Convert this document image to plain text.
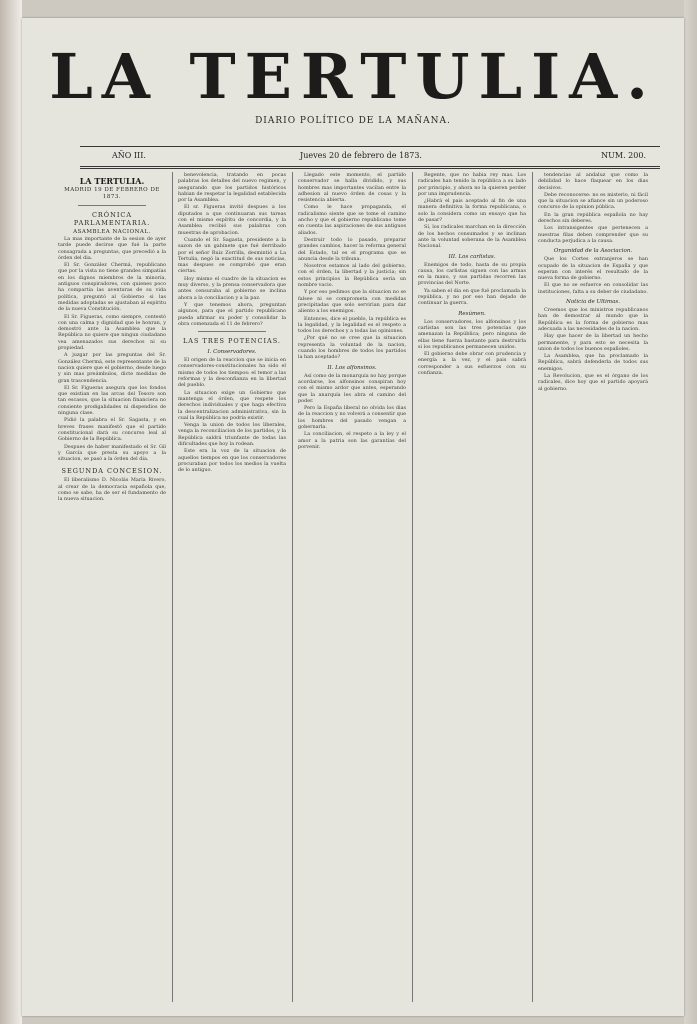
LA TERTULIA.
DIARIO POLÍTICO DE LA MAÑANA.
AÑO III.	Jueves 20 de febrero de 1873.	NUM. 200.
LA TERTULIA.
MADRID 19 DE FEBRERO DE 1873.
CRÓNICA PARLAMENTARIA.
ASAMBLEA NACIONAL.

La mas importante de la sesion de ayer tarde puede decirse que fué la parte consagrada a preguntas, que precedió a la órden del dia.

El Sr. González Chermá, republicano que por la vista no tiene grandes simpatías en los dignos miembros de la minoría, antiguos conspiradores, con quienes poco ha compartia las aventuras de su vida política, preguntó al Gobierno si las medidas adoptadas se ajustaban al espíritu de la nueva Constitución.

El Sr. Figueras, como siempre, contestó con una calma y dignidad que le honran, y demostró ante la Asamblea que la República no quiere que ningun ciudadano vea amenazados sus derechos ni su propiedad.

A juzgar por las preguntas del Sr. González Chermá, este representante de la nacion quiere que el gobierno, desde luego y sin mas preámbulos, dicte medidas de gran trascendencia.

El Sr. Figueras asegura que los fondos que existian en las arcas del Tesoro son tan escasos, que la situacion financiera no consiente prodigalidades ni dispendios de ninguna clase.

Pidió la palabra el Sr. Sagasta, y en breves frases manifestó que el partido constitucional dará su concurso leal al Gobierno de la República.

Despues de haber manifestado el Sr. Gil y García que presta su apoyo a la situacion, se pasó a la órden del dia.

SEGUNDA CONCESION.

El liberalismo D. Nicolás María Rivero, al crear de la democracia española que, como se sabe, ha de ser el fundamento de la nueva situacion.

benevolencia, tratando en pocas palabras los detalles del nuevo regimen, y asegurando que los partidos históricos habian de respetar la legalidad establecida por la Asamblea.

El sr. Figueras invitó despues a los diputados a que continuaran sus tareas con el mismo espíritu de concordia, y la Asamblea recibió sus palabras con muestras de aprobacion.

Cuando el Sr. Sagasta, presidente a la sazon de un gabinete que fué derribado por el señor Ruiz Zorrilla, desmintió a La Tertulia, negó la exactitud de sus noticias, mas despues se comprobó que eran ciertas.

Hoy mismo el cuadro de la situacion es muy diverso, y la prensa conservadora que antes censuraba al gobierno se inclina ahora a la conciliacion y a la paz.

Y que tenemos ahora, preguntan algunos, para que el partido republicano pueda afirmar su poder y consolidar la obra comenzada el 11 de febrero?

LAS TRES POTENCIAS.
I. Conservadores.

El origen de la reaccion que se inicia en conservadores-constitucionales ha sido el mismo de todos los tiempos: el temor a las reformas y la desconfianza en la libertad del pueblo.

La situacion exige un Gobierno que mantenga el órden, que respete los derechos individuales y que haga efectiva la descentralizacion administrativa, sin la cual la República no podria existir.

Venga la union de todos los liberales, venga la reconciliacion de los partidos, y la República saldrá triunfante de todas las dificultades que hoy la rodean.

Este era la voz de la situacion de aquellos tiempos en que los conservadores procuraban por todos los medios la vuelta de lo antiguo.

Llegado este momento, el partido conservador se halla dividido, y sus hombres mas importantes vacilan entre la adhesion al nuevo órden de cosas y la resistencia abierta.

Como le hace propaganda, el radicalismo siente que se tome el camino ancho y que el gobierno republicano tome en cuenta las aspiraciones de sus antiguos aliados.

Destruir todo lo pasado, preparar grandes cambios, hacer la reforma general del Estado, tal es el programa que se anuncia desde la tribuna.

Nosotros estamos al lado del gobierno, con el órden, la libertad y la justicia; sin estos principios la República seria un nombre vacio.

Y por eso pedimos que la situacion no se falsee ni se comprometa con medidas precipitadas que solo servirian para dar aliento a los enemigos.

Entonces, dice el pueblo, la república es la legalidad, y la legalidad es el respeto a todos los derechos y a todas las opiniones.

¿Por qué no se cree que la situacion representa la voluntad de la nacion, cuando los hombres de todos los partidos la han aceptado?

II. Los alfonsinos.

Así como de la monarquía no hay porque acordarse, los alfonsinos conspiran hoy con el mismo ardor que antes, esperando que la anarquía les abra el camino del poder.

Pero la España liberal no olvida los dias de la reaccion y no volverá a consentir que los hombres del pasado vengan a gobernarla.

La conciliacion, el respeto a la ley y el amor a la patria son las garantías del porvenir.

Regente, que no habia rey mas. Los radicales han tenido la república a su lado por principio, y ahora no la quieren perder por una imprudencia.

¿Habrá el pais aceptado al fin de una manera definitiva la forma republicana, o solo la considera como un ensayo que ha de pasar?

Sí, los radicales marchan en la dirección de los hechos consumados y se inclinan ante la voluntad soberana de la Asamblea Nacional.

III. Los carlistas.

Enemigos de todo, hasta de su propia causa, los carlistas siguen con las armas en la mano, y sus partidas recorren las provincias del Norte.

Ya saben el dia en que fué proclamada la república, y no por eso han dejado de continuar la guerra.

Resúmen.

Los conservadores, los alfonsinos y los carlistas son las tres potencias que amenazan la República; pero ninguna de ellas tiene fuerza bastante para destruirla si los republicanos permanecen unidos.

El gobierno debe obrar con prudencia y energía a la vez, y el pais sabrá corresponder a sus esfuerzos con su confianza.

tendencias al andaluz que como la debilidad lo hace flaquear en los dias decisivos.

Debe reconocerse: no es misterio, ni fácil que la situacion se afiance sin un poderoso concurso de la opinion pública.

En la gran república española no hay derechos sin deberes.

Los intransigentes que pertenecen a nuestras filas deben comprender que su conducta perjudica a la causa.

Organidad de la Asociacion.

Que los Cortes extranjeros se han ocupado de la situacion de España y que esperan con interés el resultado de la nueva forma de gobierno.

El que no se esfuerce en consolidar las instituciones, falta a su deber de ciudadano.

Noticia de Ultimas.

Creemos que los ministros republicanos han de demostrar al mundo que la República es la forma de gobierno mas adecuada a las necesidades de la nacion.

Hay que hacer de la libertad un hecho permanente, y para esto se necesita la union de todos los buenos españoles.

La Asamblea, que ha proclamado la República, sabrá defenderla de todos sus enemigos.

La Revolucion, que es el órgano de los radicales, dice hoy que el partido apoyará al gobierno.
